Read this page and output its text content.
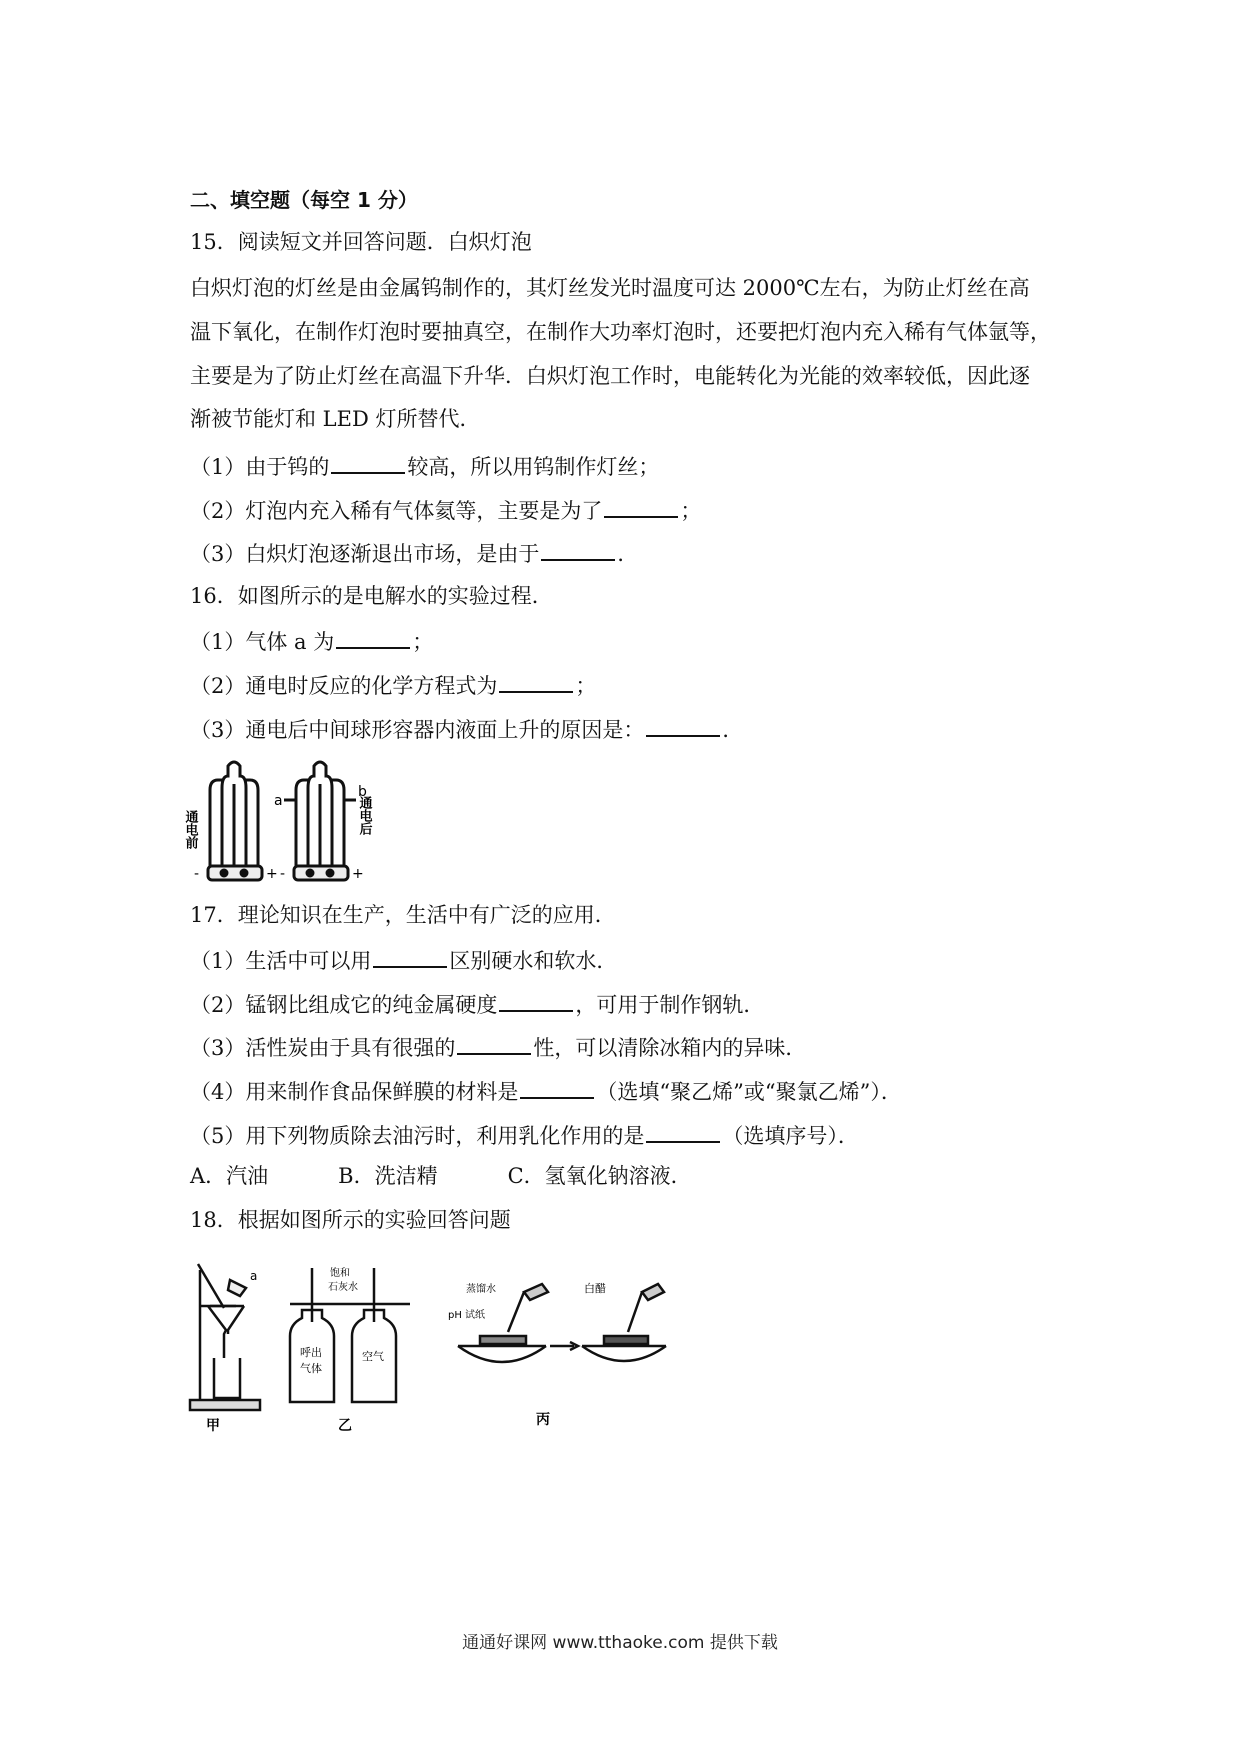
二、填空题（每空 1 分）
15．阅读短文并回答问题．白炽灯泡
白炽灯泡的灯丝是由金属钨制作的，其灯丝发光时温度可达 2000℃左右，为防止灯丝在高
温下氧化，在制作灯泡时要抽真空，在制作大功率灯泡时，还要把灯泡内充入稀有气体氩等，
主要是为了防止灯丝在高温下升华．白炽灯泡工作时，电能转化为光能的效率较低，因此逐
渐被节能灯和 LED 灯所替代．
（1）由于钨的	较高，所以用钨制作灯丝；
（2）灯泡内充入稀有气体氦等，主要是为了	；
（3）白炽灯泡逐渐退出市场，是由于	．
16．如图所示的是电解水的实验过程．
（1）气体 a 为	；
（2）通电时反应的化学方程式为	；
（3）通电后中间球形容器内液面上升的原因是：	．
通电前	通电后
a
b
-	+ -	+
17．理论知识在生产，生活中有广泛的应用．
（1）生活中可以用	区别硬水和软水．
（2）锰钢比组成它的纯金属硬度	，可用于制作钢轨．
（3）活性炭由于具有很强的	性，可以清除冰箱内的异味．
（4）用来制作食品保鲜膜的材料是	（选填“聚乙烯”或“聚氯乙烯”）．
（5）用下列物质除去油污时，利用乳化作用的是	（选填序号）．
A．汽油	B．洗洁精	C．氢氧化钠溶液．
18．根据如图所示的实验回答问题
a
甲
饱和
石灰水
呼出
气体
空气
乙
蒸馏水
pH 试纸
白醋
丙
通通好课网 www.tthaoke.com 提供下载
